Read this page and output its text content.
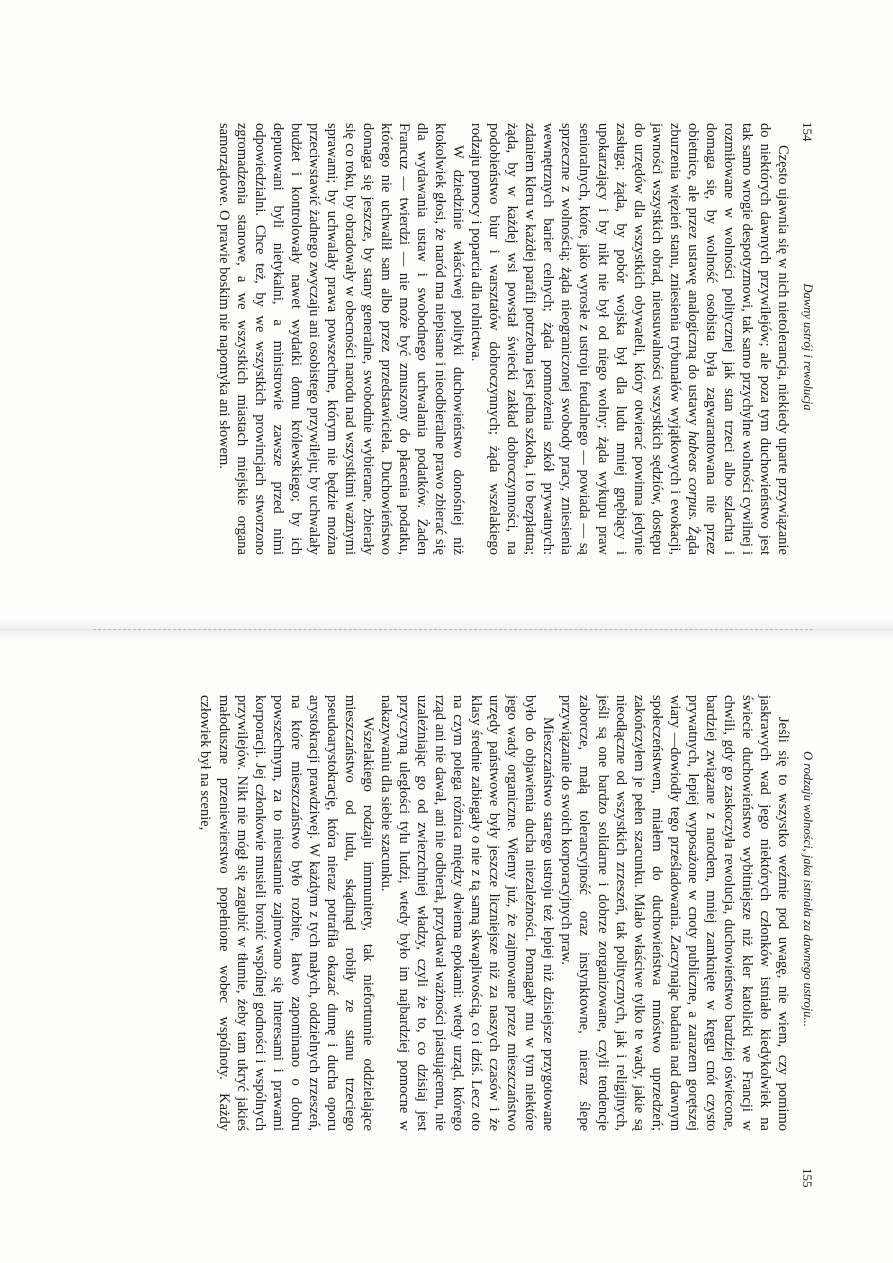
154
Dawny ustrój i rewolucja

Często ujawnia się w nich nietolerancja, niekiedy uparte przywiązanie do niektórych dawnych przywilejów; ale poza tym duchowieństwo jest tak samo wrogie despotyzmowi, tak samo przychylne wolności cywilnej i rozmiłowane w wolności politycznej jak stan trzeci albo szlachta i domaga się, by wolność osobista była zagwarantowana nie przez obietnice, ale przez ustawę analogiczną do ustawy habeas corpus. Żąda zburzenia więzień stanu, zniesienia trybunałów wyjątkowych i ewokacji, jawności wszystkich obrad, nieusuwalności wszystkich sędziów, dostępu do urzędów dla wszystkich obywateli, który otwierać powinna jedynie zasługa; żąda, by pobór wojska był dla ludu mniej gnębiący i upokarzający i by nikt nie był od niego wolny; żąda wykupu praw senioralnych, które, jako wyrosłe z ustroju feudalnego — powiada — są sprzeczne z wolnością; żąda nieograniczonej swobody pracy, zniesienia wewnętrznych barier celnych; żąda pomnożenia szkół prywatnych: zdaniem kleru w każdej parafii potrzebna jest jedna szkoła, i to bezpłatna; żąda, by w każdej wsi powstał świecki zakład dobroczynności, na podobieństwo biur i warsztatów dobroczynnych; żąda wszelakiego rodzaju pomocy i poparcia dla rolnictwa.

W dziedzinie właściwej polityki duchowieństwo donośniej niż ktokolwiek głosi, że naród ma niepisane i nieodbieralne prawo zbierać się dla wydawania ustaw i swobodnego uchwalania podatków. Żaden Francuz — twierdzi — nie może być zmuszony do płacenia podatku, którego nie uchwalił sam albo przez przedstawiciela. Duchowieństwo domaga się jeszcze, by stany generalne, swobodnie wybierane, zbierały się co roku, by obradowały w obecności narodu nad wszystkimi ważnymi sprawami; by uchwalały prawa powszechne, którym nie będzie można przeciwstawić żadnego zwyczaju ani osobistego przywileju; by uchwalały budżet i kontrolowały nawet wydatki domu królewskiego; by ich deputowani byli nietykalni, a ministrowie zawsze przed nimi odpowiedzialni. Chce też, by we wszystkich prowincjach stworzono zgromadzenia stanowe, a we wszystkich miastach miejskie organa samorządowe. O prawie boskim nie napomyka ani słowem.

O rodzaju wolności, jaka istniała za dawnego ustroju...
155

Jeśli się to wszystko weźmie pod uwagę, nie wiem, czy pomimo jaskrawych wad jego niektórych członków istniało kiedykolwiek na świecie duchowieństwo wybitniejsze niż kler katolicki we Francji w chwili, gdy go zaskoczyła rewolucja, duchowieństwo bardziej oświecone, bardziej związane z narodem, mniej zamknięte w kręgu cnót czysto prywatnych, lepiej wyposażone w cnoty publiczne, a zarazem gorętszej wiary —dowiodły tego prześladowania. Zaczynając badania nad dawnym społeczeństwem, miałem do duchowieństwa mnóstwo uprzedzeń; zakończyłem je pełen szacunku. Miało właściwe tylko te wady, jakie są nieodłączne od wszystkich zrzeszeń, tak politycznych, jak i religijnych, jeśli są one bardzo solidarne i dobrze zorganizowane, czyli tendencje zaborcze, małą tolerancyjność oraz instynktowne, nieraz ślepe przywiązanie do swoich korporacyjnych praw.

Mieszczaństwo starego ustroju też lepiej niż dzisiejsze przygotowane było do objawienia ducha niezależności. Pomagały mu w tym niektóre jego wady organiczne. Wiemy już, że zajmowane przez mieszczaństwo urzędy państwowe były jeszcze liczniejsze niż za naszych czasów i że klasy średnie zabiegały o nie z tą samą skwapliwością, co i dziś. Lecz oto na czym polega różnica między dwiema epokami: wtedy urząd, którego rząd ani nie dawał, ani nie odbierał, przydawał ważności piastującemu, nie uzależniając go od zwierzchniej władzy, czyli że to, co dzisiaj jest przyczyną uległości tylu ludzi, wtedy było im najbardziej pomocne w nakazywaniu dla siebie szacunku.

Wszelakiego rodzaju immunitety, tak niefortunnie oddzielające mieszczaństwo od ludu, skądinąd robiły ze stanu trzeciego pseudoarystokrację, która nieraz potrafiła okazać dumę i ducha oporu arystokracji prawdziwej. W każdym z tych małych, oddzielnych zrzeszeń, na które mieszczaństwo było rozbite, łatwo zapominano o dobru powszechnym, za to nieustannie zajmowano się interesami i prawami korporacji. Jej członkowie musieli bronić wspólnej godności i wspólnych przywilejów. Nikt nie mógł się zagubić w tłumie, żeby tam ukryć jakieś małoduszne przeniewierstwo popełnione wobec wspólnoty. Każdy człowiek był na scenie,
